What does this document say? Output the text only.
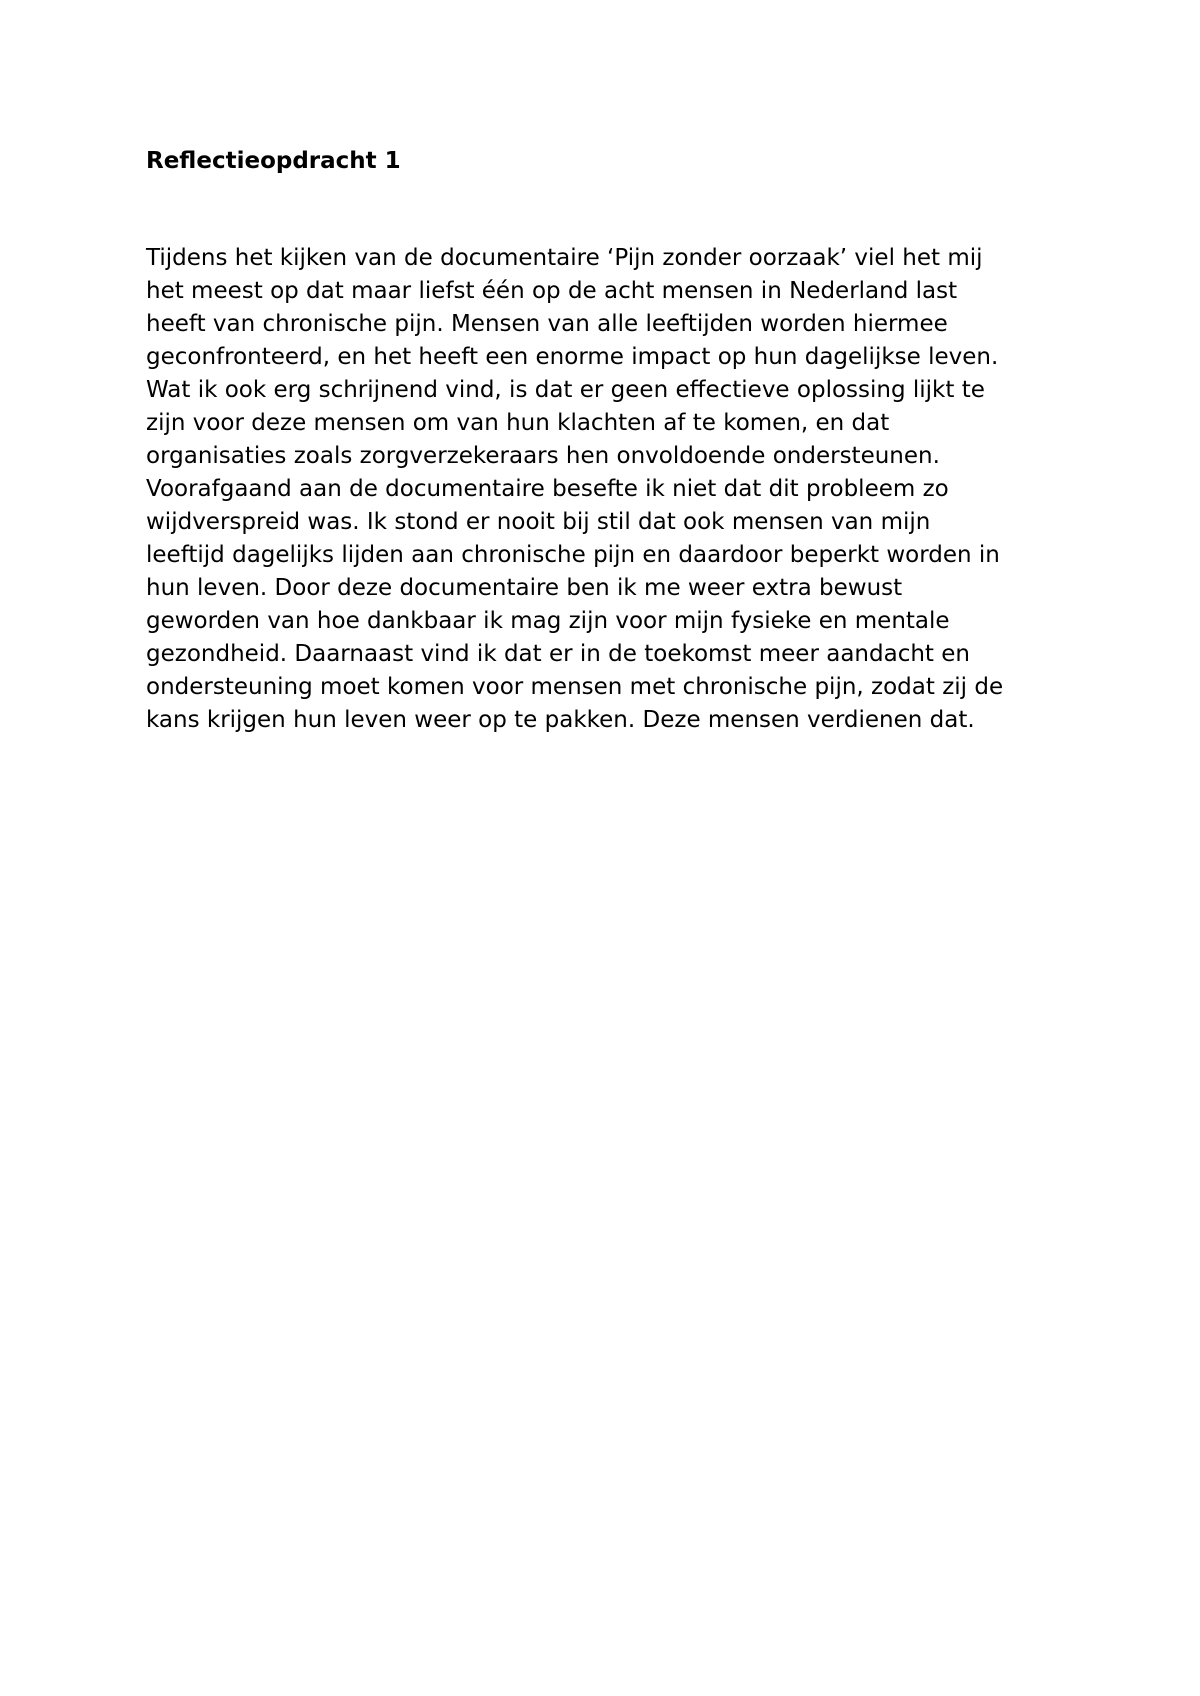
Reflectieopdracht 1
Tijdens het kijken van de documentaire ‘Pijn zonder oorzaak’ viel het mij
het meest op dat maar liefst één op de acht mensen in Nederland last
heeft van chronische pijn. Mensen van alle leeftijden worden hiermee
geconfronteerd, en het heeft een enorme impact op hun dagelijkse leven.
Wat ik ook erg schrijnend vind, is dat er geen effectieve oplossing lijkt te
zijn voor deze mensen om van hun klachten af te komen, en dat
organisaties zoals zorgverzekeraars hen onvoldoende ondersteunen.
Voorafgaand aan de documentaire besefte ik niet dat dit probleem zo
wijdverspreid was. Ik stond er nooit bij stil dat ook mensen van mijn
leeftijd dagelijks lijden aan chronische pijn en daardoor beperkt worden in
hun leven. Door deze documentaire ben ik me weer extra bewust
geworden van hoe dankbaar ik mag zijn voor mijn fysieke en mentale
gezondheid. Daarnaast vind ik dat er in de toekomst meer aandacht en
ondersteuning moet komen voor mensen met chronische pijn, zodat zij de
kans krijgen hun leven weer op te pakken. Deze mensen verdienen dat.
